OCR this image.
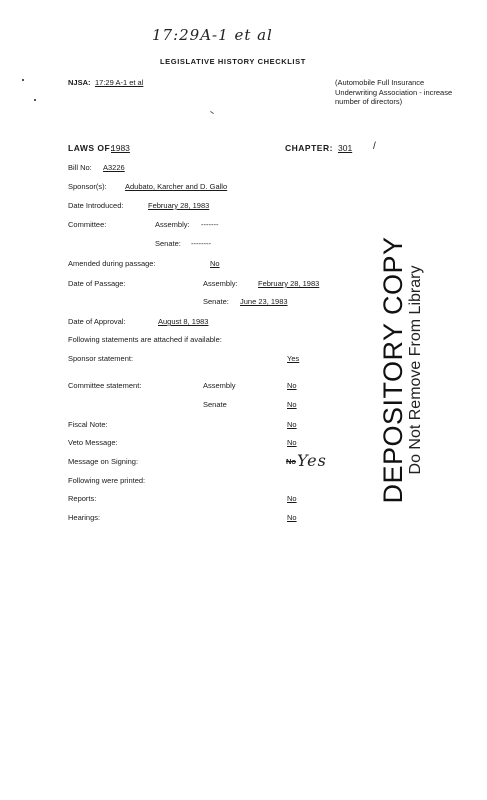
17:29A-1 et al
LEGISLATIVE HISTORY CHECKLIST
NJSA: 17:29 A-1 et al	(Automobile Full Insurance Underwriting Association - increase number of directors)
LAWS OF:
1983	CHAPTER: 301 /
Bill No: A3226
Sponsor(s): Adubato, Karcher and D. Gallo
Date Introduced:	February 28, 1983
Committee:	Assembly: -------
Senate: --------
Amended during passage:	No
Date of Passage:	Assembly:	February 28, 1983
Senate: June 23, 1983
Date of Approval:	August 8, 1983
Following statements are attached if available:
Sponsor statement:	Yes
Committee statement:	Assembly	No
Senate	No
Fiscal Note:	No
Veto Message:	No
Message on Signing:	No Yes
Following were printed:
Reports:	No
Hearings:	No
DEPOSITORY COPY Do Not Remove From Library
